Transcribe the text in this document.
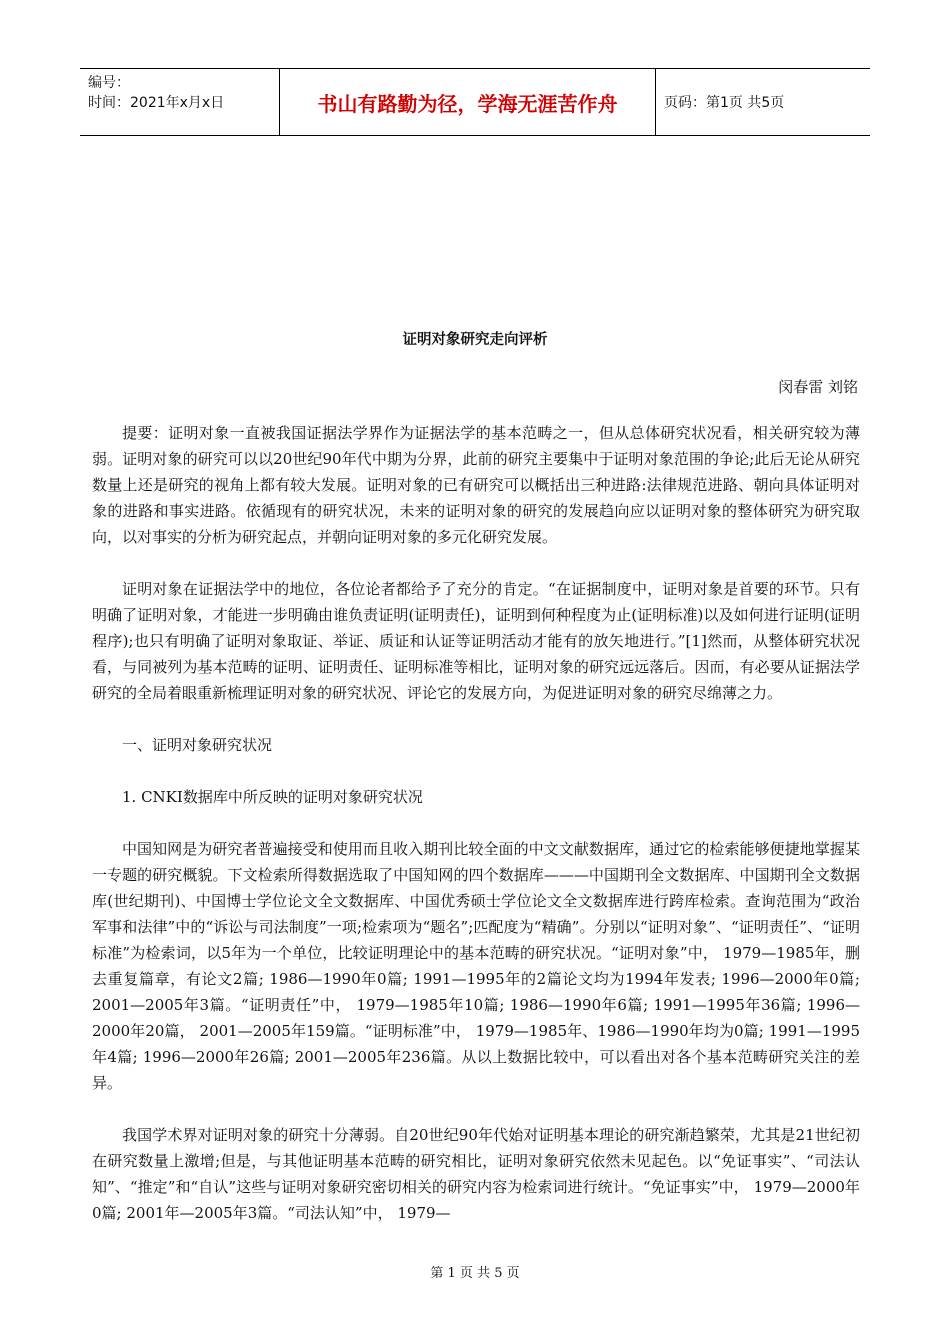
编号：
时间：2021年x月x日	书山有路勤为径，学海无涯苦作舟	页码：第1页 共5页
证明对象研究走向评析
闵春雷 刘铭

提要：证明对象一直被我国证据法学界作为证据法学的基本范畴之一，但从总体研究状况看，相关研究较为薄弱。证明对象的研究可以以20世纪90年代中期为分界，此前的研究主要集中于证明对象范围的争论;此后无论从研究数量上还是研究的视角上都有较大发展。证明对象的已有研究可以概括出三种进路:法律规范进路、朝向具体证明对象的进路和事实进路。依循现有的研究状况，未来的证明对象的研究的发展趋向应以证明对象的整体研究为研究取向，以对事实的分析为研究起点，并朝向证明对象的多元化研究发展。

证明对象在证据法学中的地位，各位论者都给予了充分的肯定。“在证据制度中，证明对象是首要的环节。只有明确了证明对象，才能进一步明确由谁负责证明(证明责任)，证明到何种程度为止(证明标准)以及如何进行证明(证明程序);也只有明确了证明对象取证、举证、质证和认证等证明活动才能有的放矢地进行。”[1]然而，从整体研究状况看，与同被列为基本范畴的证明、证明责任、证明标准等相比，证明对象的研究远远落后。因而，有必要从证据法学研究的全局着眼重新梳理证明对象的研究状况、评论它的发展方向，为促进证明对象的研究尽绵薄之力。

一、证明对象研究状况

1. CNKI数据库中所反映的证明对象研究状况

中国知网是为研究者普遍接受和使用而且收入期刊比较全面的中文文献数据库，通过它的检索能够便捷地掌握某一专题的研究概貌。下文检索所得数据选取了中国知网的四个数据库———中国期刊全文数据库、中国期刊全文数据库(世纪期刊)、中国博士学位论文全文数据库、中国优秀硕士学位论文全文数据库进行跨库检索。查询范围为“政治军事和法律”中的“诉讼与司法制度”一项;检索项为“题名”;匹配度为“精确”。分别以“证明对象”、“证明责任”、“证明标准”为检索词，以5年为一个单位，比较证明理论中的基本范畴的研究状况。“证明对象”中， 1979—1985年，删去重复篇章，有论文2篇; 1986—1990年0篇; 1991—1995年的2篇论文均为1994年发表; 1996—2000年0篇; 2001—2005年3篇。“证明责任”中， 1979—1985年10篇; 1986—1990年6篇; 1991—1995年36篇; 1996—2000年20篇， 2001—2005年159篇。“证明标准”中， 1979—1985年、1986—1990年均为0篇; 1991—1995年4篇; 1996—2000年26篇; 2001—2005年236篇。从以上数据比较中，可以看出对各个基本范畴研究关注的差异。

我国学术界对证明对象的研究十分薄弱。自20世纪90年代始对证明基本理论的研究渐趋繁荣，尤其是21世纪初在研究数量上激增;但是，与其他证明基本范畴的研究相比，证明对象研究依然未见起色。以“免证事实”、“司法认知”、“推定”和“自认”这些与证明对象研究密切相关的研究内容为检索词进行统计。“免证事实”中， 1979—2000年0篇; 2001年—2005年3篇。“司法认知”中， 1979—

第 1 页 共 5 页
